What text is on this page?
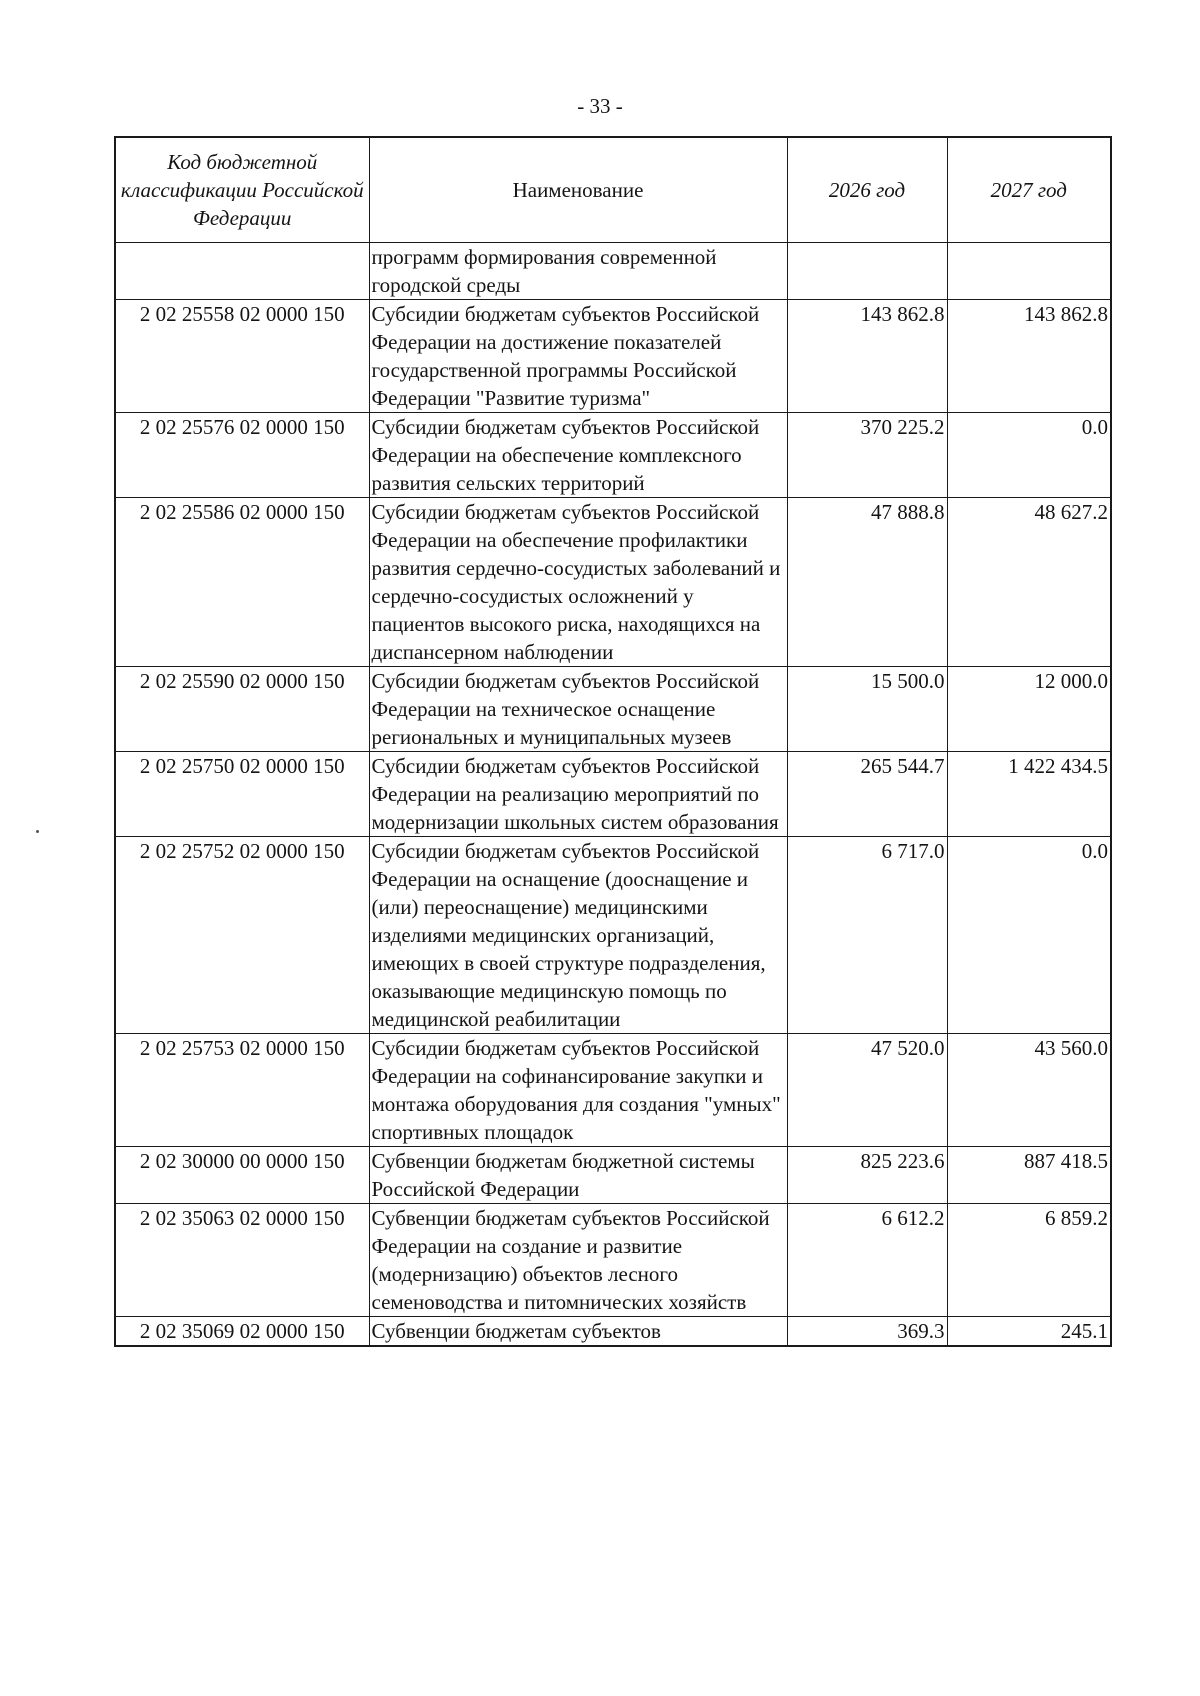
- 33 -
Код бюджетной классификации Российской Федерации	Наименование	2026 год	2027 год
	программ формирования современной городской среды		
2 02 25558 02 0000 150	Субсидии бюджетам субъектов Российской Федерации на достижение показателей государственной программы Российской Федерации "Развитие туризма"	143 862.8	143 862.8
2 02 25576 02 0000 150	Субсидии бюджетам субъектов Российской Федерации на обеспечение комплексного развития сельских территорий	370 225.2	0.0
2 02 25586 02 0000 150	Субсидии бюджетам субъектов Российской Федерации на обеспечение профилактики развития сердечно-сосудистых заболеваний и сердечно-сосудистых осложнений у пациентов высокого риска, находящихся на диспансерном наблюдении	47 888.8	48 627.2
2 02 25590 02 0000 150	Субсидии бюджетам субъектов Российской Федерации на техническое оснащение региональных и муниципальных музеев	15 500.0	12 000.0
2 02 25750 02 0000 150	Субсидии бюджетам субъектов Российской Федерации на реализацию мероприятий по модернизации школьных систем образования	265 544.7	1 422 434.5
2 02 25752 02 0000 150	Субсидии бюджетам субъектов Российской Федерации на оснащение (дооснащение и (или) переоснащение) медицинскими изделиями медицинских организаций, имеющих в своей структуре подразделения, оказывающие медицинскую помощь по медицинской реабилитации	6 717.0	0.0
2 02 25753 02 0000 150	Субсидии бюджетам субъектов Российской Федерации на софинансирование закупки и монтажа оборудования для создания "умных" спортивных площадок	47 520.0	43 560.0
2 02 30000 00 0000 150	Субвенции бюджетам бюджетной системы Российской Федерации	825 223.6	887 418.5
2 02 35063 02 0000 150	Субвенции бюджетам субъектов Российской Федерации на создание и развитие (модернизацию) объектов лесного семеноводства и питомнических хозяйств	6 612.2	6 859.2
2 02 35069 02 0000 150	Субвенции бюджетам субъектов	369.3	245.1
